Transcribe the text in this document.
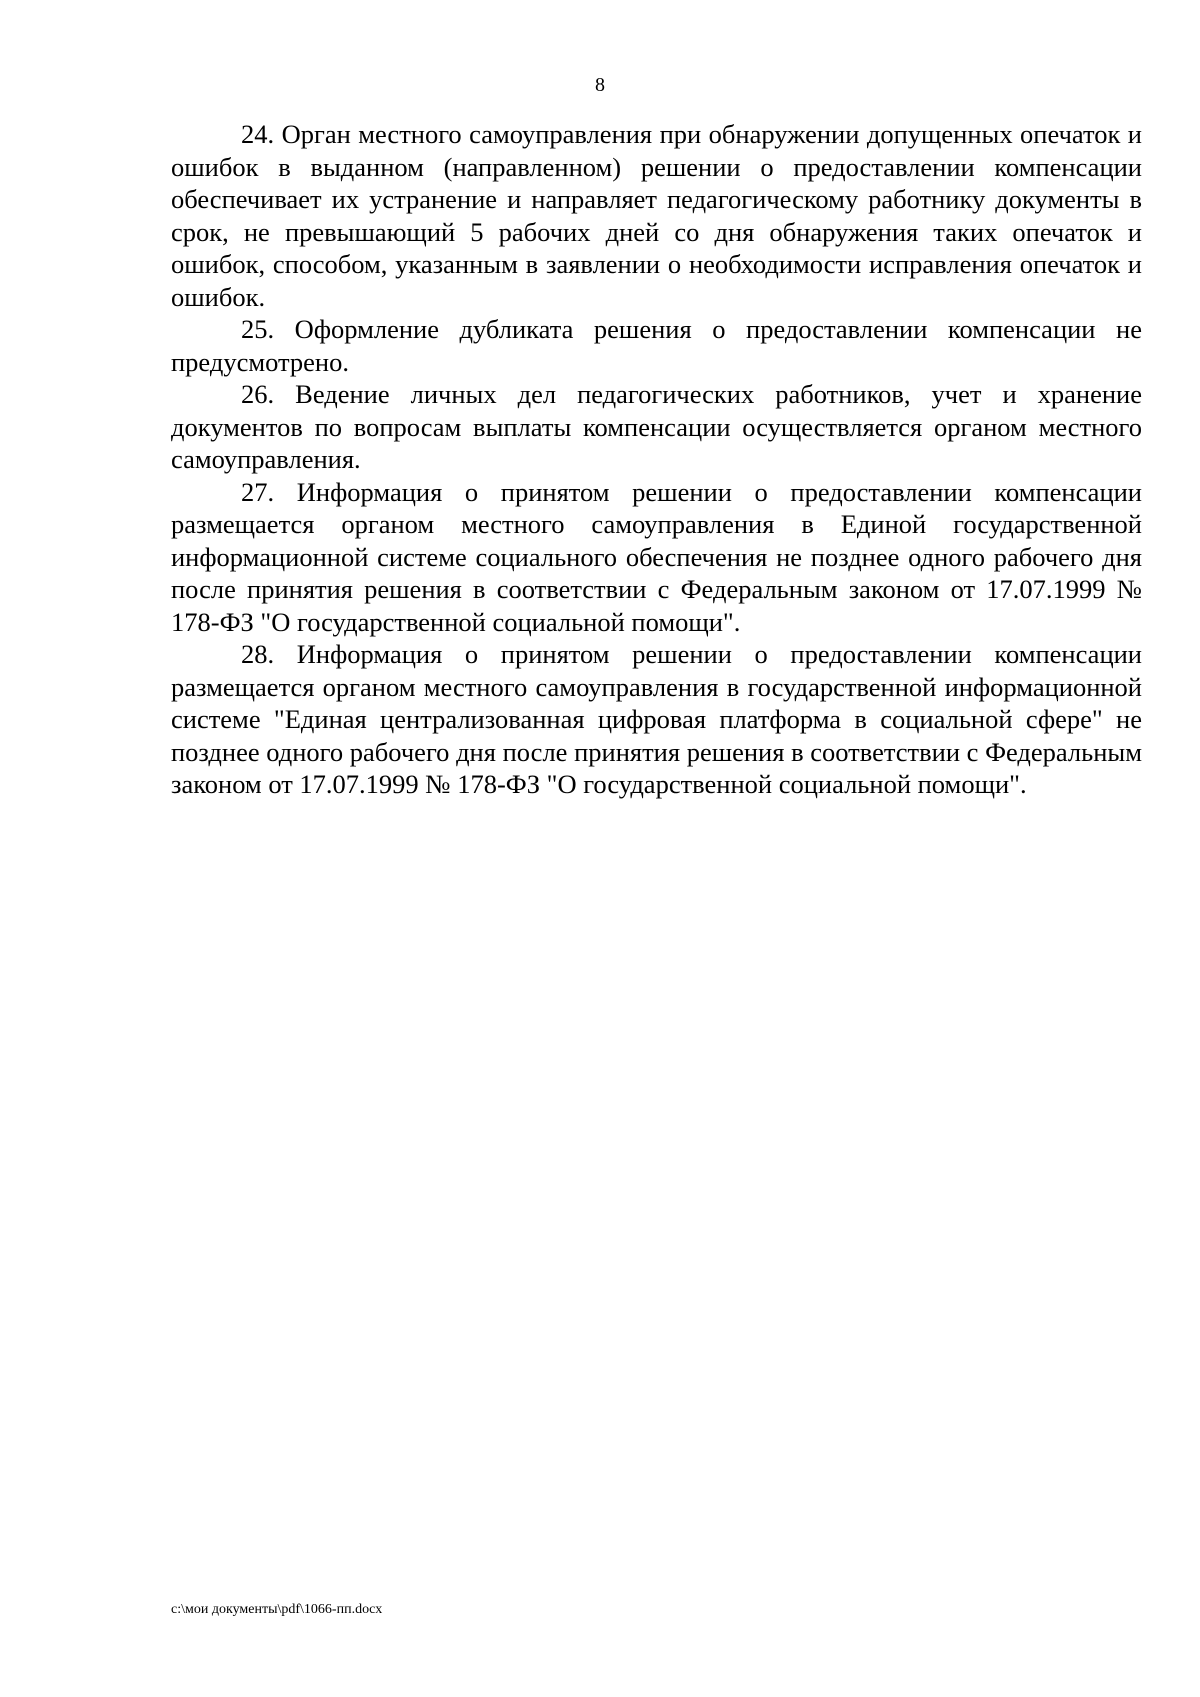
8

24. Орган местного самоуправления при обнаружении допущенных опечаток и ошибок в выданном (направленном) решении о предоставлении компенсации обеспечивает их устранение и направляет педагогическому работнику документы в срок, не превышающий 5 рабочих дней со дня обнаружения таких опечаток и ошибок, способом, указанным в заявлении о необходимости исправления опечаток и ошибок.

25. Оформление дубликата решения о предоставлении компенсации не предусмотрено.

26. Ведение личных дел педагогических работников, учет и хранение документов по вопросам выплаты компенсации осуществляется органом местного самоуправления.

27. Информация о принятом решении о предоставлении компенсации размещается органом местного самоуправления в Единой государственной информационной системе социального обеспечения не позднее одного рабочего дня после принятия решения в соответствии с Федеральным законом от 17.07.1999 № 178-ФЗ "О государственной социальной помощи".

28. Информация о принятом решении о предоставлении компенсации размещается органом местного самоуправления в государственной информационной системе "Единая централизованная цифровая платформа в социальной сфере" не позднее одного рабочего дня после принятия решения в соответствии с Федеральным законом от 17.07.1999 № 178-ФЗ "О государственной социальной помощи".

c:\мои документы\pdf\1066-пп.docx
